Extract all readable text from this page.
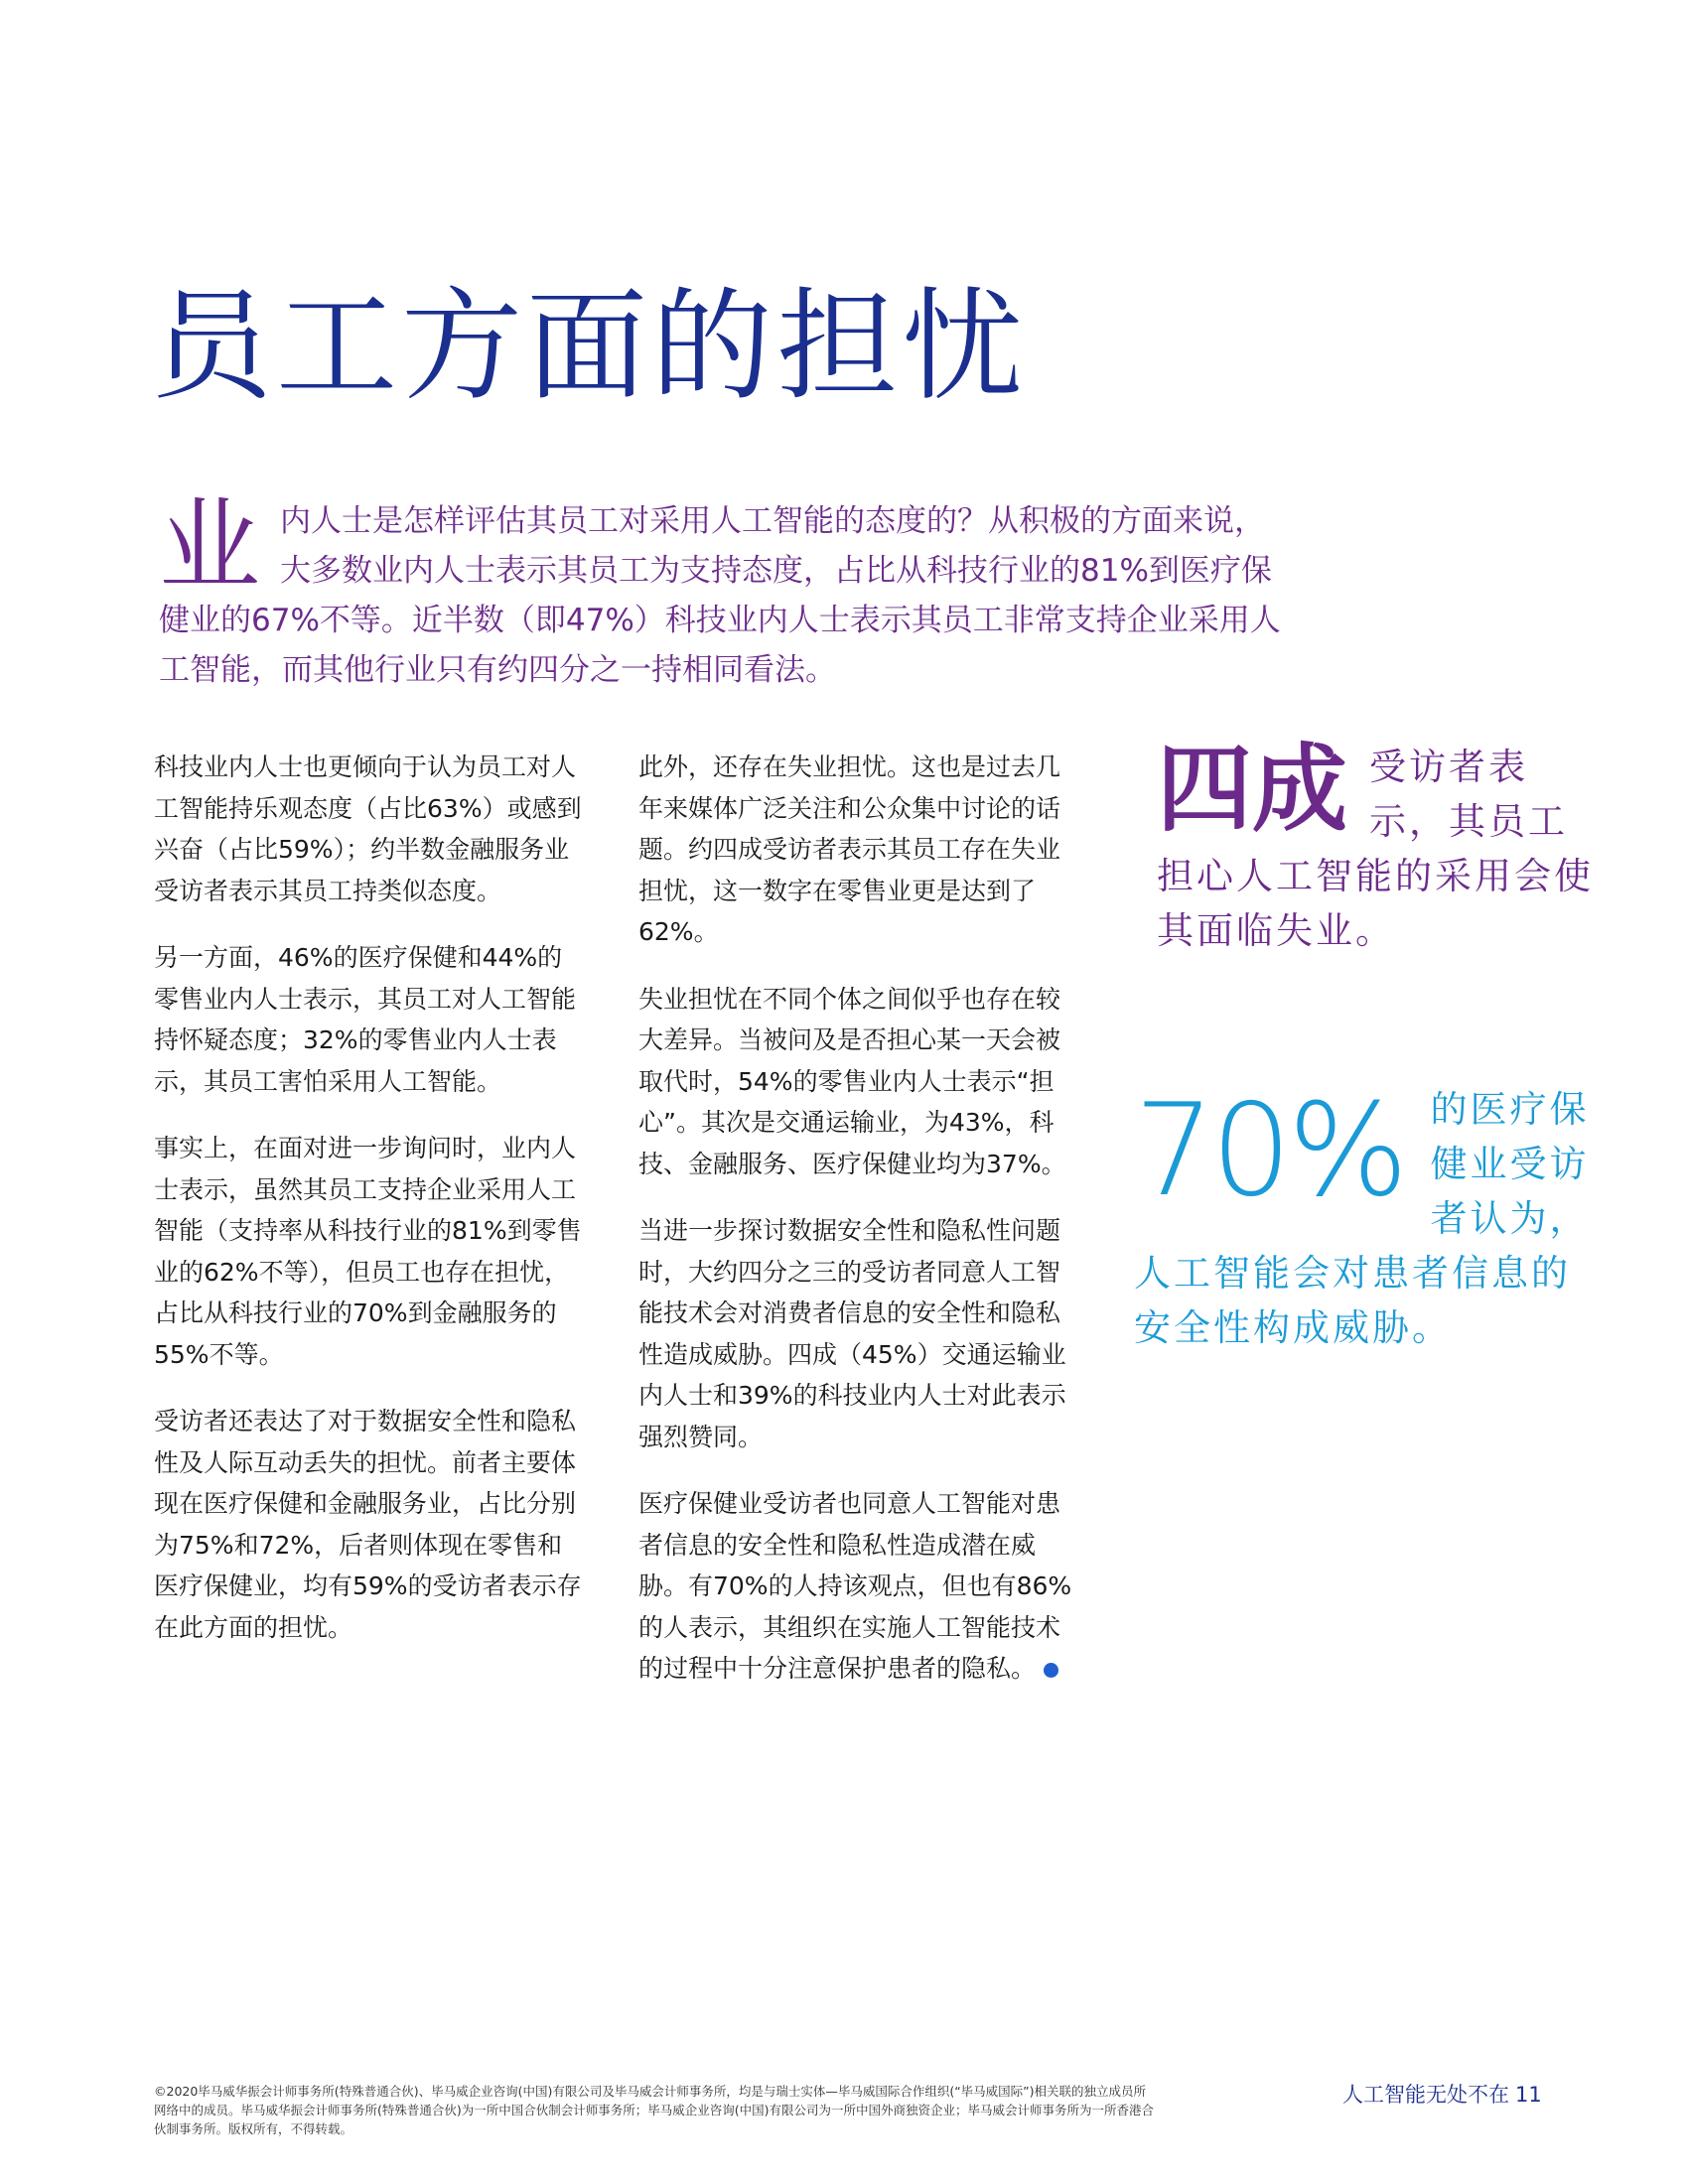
员工方面的担忧
业 内人士是怎样评估其员工对采用人工智能的态度的？从积极的方面来说，大多数业内人士表示其员工为支持态度，占比从科技行业的81%到医疗保健业的67%不等。近半数（即47%）科技业内人士表示其员工非常支持企业采用人工智能，而其他行业只有约四分之一持相同看法。

科技业内人士也更倾向于认为员工对人工智能持乐观态度（占比63%）或感到兴奋（占比59%）；约半数金融服务业受访者表示其员工持类似态度。

另一方面，46%的医疗保健和44%的零售业内人士表示，其员工对人工智能持怀疑态度；32%的零售业内人士表示，其员工害怕采用人工智能。

事实上，在面对进一步询问时，业内人士表示，虽然其员工支持企业采用人工智能（支持率从科技行业的81%到零售业的62%不等），但员工也存在担忧，占比从科技行业的70%到金融服务的55%不等。

受访者还表达了对于数据安全性和隐私性及人际互动丢失的担忧。前者主要体现在医疗保健和金融服务业，占比分别为75%和72%，后者则体现在零售和医疗保健业，均有59%的受访者表示存在此方面的担忧。

此外，还存在失业担忧。这也是过去几年来媒体广泛关注和公众集中讨论的话题。约四成受访者表示其员工存在失业担忧，这一数字在零售业更是达到了62%。

失业担忧在不同个体之间似乎也存在较大差异。当被问及是否担心某一天会被取代时，54%的零售业内人士表示“担心”。其次是交通运输业，为43%，科技、金融服务、医疗保健业均为37%。

当进一步探讨数据安全性和隐私性问题时，大约四分之三的受访者同意人工智能技术会对消费者信息的安全性和隐私性造成威胁。四成（45%）交通运输业内人士和39%的科技业内人士对此表示强烈赞同。

医疗保健业受访者也同意人工智能对患者信息的安全性和隐私性造成潜在威胁。有70%的人持该观点，但也有86%的人表示，其组织在实施人工智能技术的过程中十分注意保护患者的隐私。

四成 受访者表示，其员工担心人工智能的采用会使其面临失业。
70% 的医疗保健业受访者认为，人工智能会对患者信息的安全性构成威胁。
©2020毕马威华振会计师事务所(特殊普通合伙)、毕马威企业咨询(中国)有限公司及毕马威会计师事务所，均是与瑞士实体—毕马威国际合作组织(“毕马威国际”)相关联的独立成员所网络中的成员。毕马威华振会计师事务所(特殊普通合伙)为一所中国合伙制会计师事务所；毕马威企业咨询(中国)有限公司为一所中国外商独资企业；毕马威会计师事务所为一所香港合伙制事务所。版权所有，不得转载。
人工智能无处不在 11
